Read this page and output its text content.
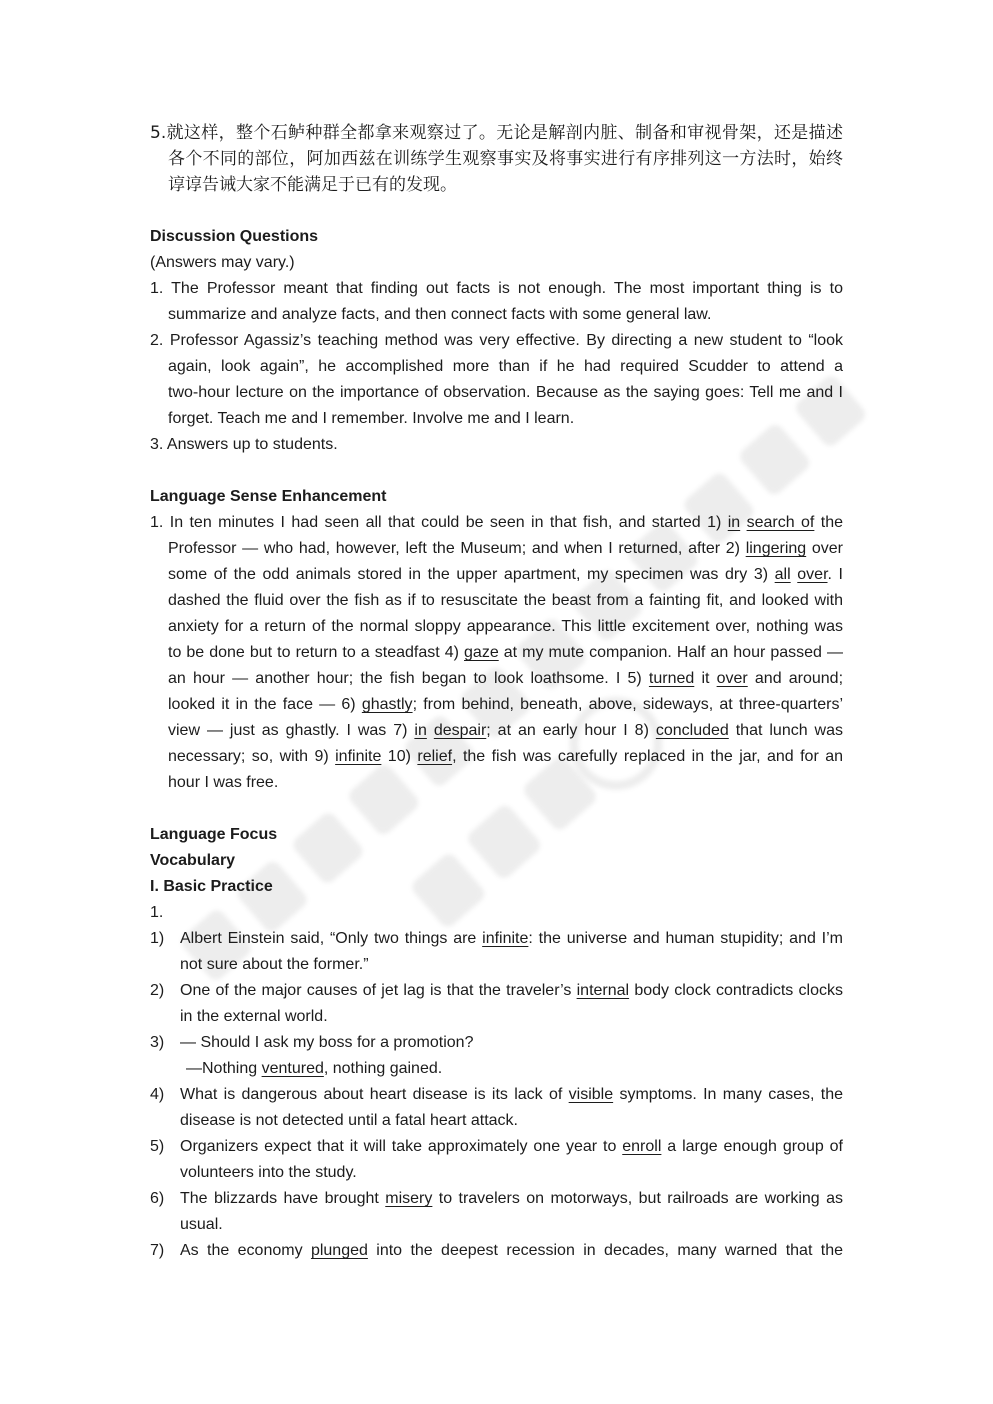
5.就这样，整个石鲈种群全都拿来观察过了。无论是解剖内脏、制备和审视骨架，还是描述
各个不同的部位，阿加西兹在训练学生观察事实及将事实进行有序排列这一方法时，始终
谆谆告诫大家不能满足于已有的发现。
Discussion Questions
(Answers may vary.)
1. The Professor meant that finding out facts is not enough. The most important thing is to
summarize and analyze facts, and then connect facts with some general law.
2. Professor Agassiz’s teaching method was very effective. By directing a new student to “look
again, look again”, he accomplished more than if he had required Scudder to attend a
two-hour lecture on the importance of observation. Because as the saying goes: Tell me and I
forget. Teach me and I remember. Involve me and I learn.
3. Answers up to students.
Language Sense Enhancement
1. In ten minutes I had seen all that could be seen in that fish, and started 1) in search of the
Professor — who had, however, left the Museum; and when I returned, after 2) lingering over
some of the odd animals stored in the upper apartment, my specimen was dry 3) all over. I
dashed the fluid over the fish as if to resuscitate the beast from a fainting fit, and looked with
anxiety for a return of the normal sloppy appearance. This little excitement over, nothing was
to be done but to return to a steadfast 4) gaze at my mute companion. Half an hour passed —
an hour — another hour; the fish began to look loathsome. I 5) turned it over and around;
looked it in the face — 6) ghastly; from behind, beneath, above, sideways, at three-quarters’
view — just as ghastly. I was 7) in despair; at an early hour I 8) concluded that lunch was
necessary; so, with 9) infinite 10) relief, the fish was carefully replaced in the jar, and for an
hour I was free.
Language Focus
Vocabulary
I. Basic Practice
1.
1) Albert Einstein said, “Only two things are infinite: the universe and human stupidity; and I’m
not sure about the former.”
2) One of the major causes of jet lag is that the traveler’s internal body clock contradicts clocks
in the external world.
3) — Should I ask my boss for a promotion?
—Nothing ventured, nothing gained.
4) What is dangerous about heart disease is its lack of visible symptoms. In many cases, the
disease is not detected until a fatal heart attack.
5) Organizers expect that it will take approximately one year to enroll a large enough group of
volunteers into the study.
6) The blizzards have brought misery to travelers on motorways, but railroads are working as
usual.
7) As the economy plunged into the deepest recession in decades, many warned that the
